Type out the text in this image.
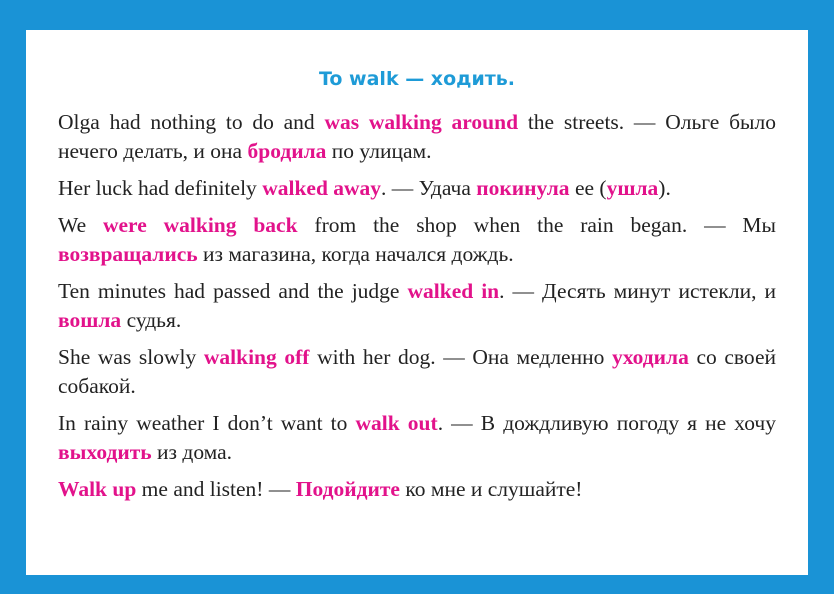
To walk — ходить.

Olga had nothing to do and was walking around the streets. — Ольге было нечего делать, и она бродила по улицам.

Her luck had definitely walked away. — Удача покинула ее (ушла).

We were walking back from the shop when the rain began. — Мы возвращались из магазина, когда начался дождь.

Ten minutes had passed and the judge walked in. — Десять минут истекли, и вошла судья.

She was slowly walking off with her dog. — Она медленно уходила со своей собакой.

In rainy weather I don’t want to walk out. — В дождливую погоду я не хочу выходить из дома.

Walk up me and listen! — Подойдите ко мне и слушайте!
